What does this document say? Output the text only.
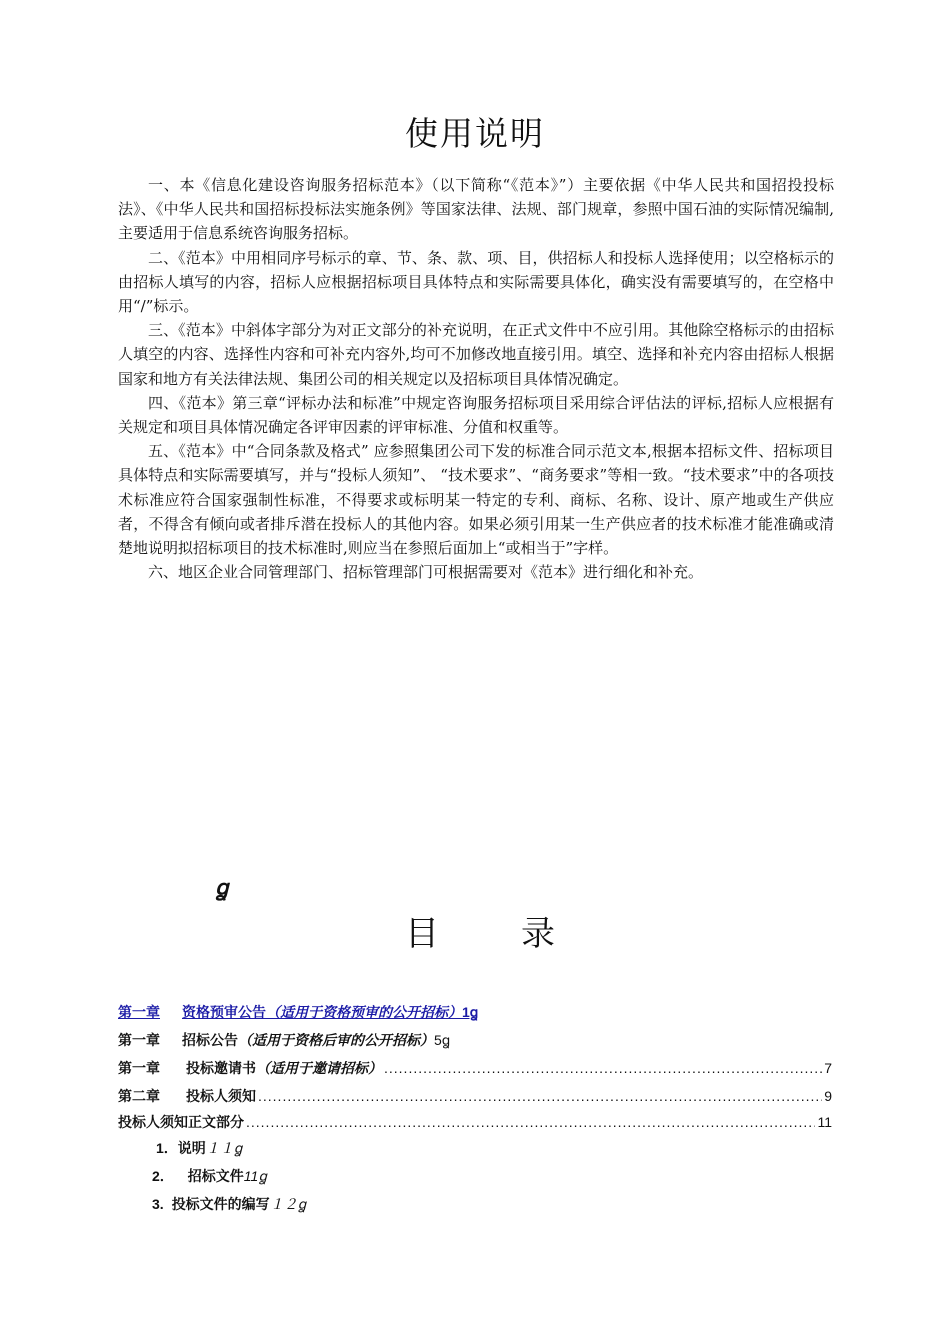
使用说明

一、本《信息化建设咨询服务招标范本》（以下简称“《范本》”）主要依据《中华人民共和国招投投标法》、《中华人民共和国招标投标法实施条例》等国家法律、法规、部门规章，参照中国石油的实际情况编制,主要适用于信息系统咨询服务招标。

二、《范本》中用相同序号标示的章、节、条、款、项、目，供招标人和投标人选择使用；以空格标示的由招标人填写的内容，招标人应根据招标项目具体特点和实际需要具体化，确实没有需要填写的，在空格中用“/”标示。

三、《范本》中斜体字部分为对正文部分的补充说明，在正式文件中不应引用。其他除空格标示的由招标人填空的内容、选择性内容和可补充内容外,均可不加修改地直接引用。填空、选择和补充内容由招标人根据国家和地方有关法律法规、集团公司的相关规定以及招标项目具体情况确定。

四、《范本》第三章“评标办法和标准”中规定咨询服务招标项目采用综合评估法的评标,招标人应根据有关规定和项目具体情况确定各评审因素的评审标准、分值和权重等。

五、《范本》中“合同条款及格式” 应参照集团公司下发的标准合同示范文本,根据本招标文件、招标项目具体特点和实际需要填写，并与“投标人须知”、 “技术要求”、“商务要求”等相一致。“技术要求”中的各项技术标准应符合国家强制性标准，不得要求或标明某一特定的专利、商标、名称、设计、原产地或生产供应者，不得含有倾向或者排斥潜在投标人的其他内容。如果必须引用某一生产供应者的技术标准才能准确或清楚地说明拟招标项目的技术标准时,则应当在参照后面加上“或相当于”字样。

六、地区企业合同管理部门、招标管理部门可根据需要对《范本》进行细化和补充。

ꬶ
目 录
第一章 资格预审公告 （适用于资格预审的公开招标） 1ꬶ
第一章 招标公告 （适用于资格后审的公开招标） 5ꬶ
第一章 投标邀请书 （适用于邀请招标） .....	7
第二章 投标人须知 .....	9
投标人须知正文部分 .....	11
1． 说明 １１ꬶ
2． 招标文件 11ꬶ
3. 投标文件的编写 １２ꬶ
